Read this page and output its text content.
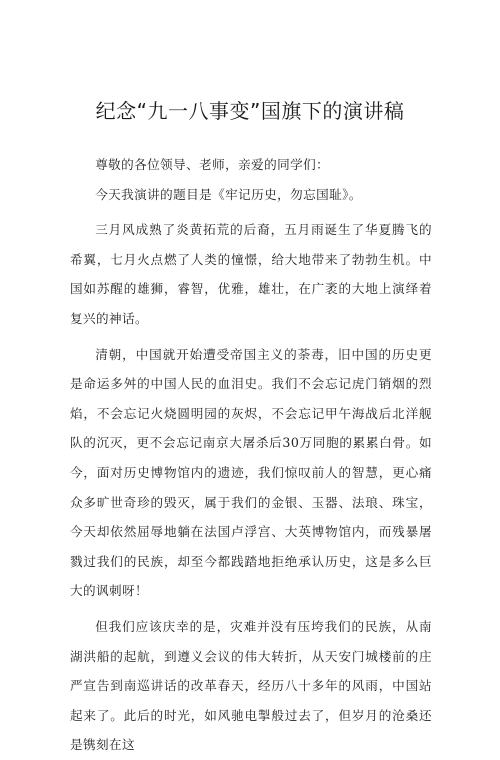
纪念“九一八事变”国旗下的演讲稿

尊敬的各位领导、老师，亲爱的同学们：

今天我演讲的题目是《牢记历史，勿忘国耻》。

三月风成熟了炎黄拓荒的后裔，五月雨诞生了华夏腾飞的希翼，七月火点燃了人类的憧憬，给大地带来了勃勃生机。中国如苏醒的雄狮，睿智，优雅，雄壮，在广袤的大地上演绎着复兴的神话。

清朝，中国就开始遭受帝国主义的荼毒，旧中国的历史更是命运多舛的中国人民的血泪史。我们不会忘记虎门销烟的烈焰，不会忘记火烧圆明园的灰烬，不会忘记甲午海战后北洋舰队的沉灭，更不会忘记南京大屠杀后30万同胞的累累白骨。如今，面对历史博物馆内的遗迹，我们惊叹前人的智慧，更心痛众多旷世奇珍的毁灭，属于我们的金银、玉器、法琅、珠宝，今天却依然屈辱地躺在法国卢浮宫、大英博物馆内，而残暴屠戮过我们的民族，却至今都践踏地拒绝承认历史，这是多么巨大的讽刺呀！

但我们应该庆幸的是，灾难并没有压垮我们的民族，从南湖洪船的起航，到遵义会议的伟大转折，从天安门城楼前的庄严宣告到南巡讲话的改革春天，经历八十多年的风雨，中国站起来了。此后的时光，如风驰电掣般过去了，但岁月的沧桑还是镌刻在这
